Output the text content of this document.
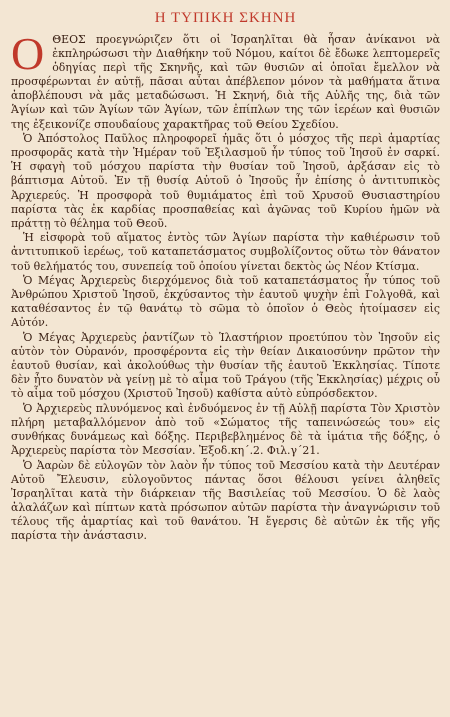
Η ΤΥΠΙΚΗ ΣΚΗΝΗ

ΟΘΕΟΣ προεγνώριζεν ὅτι οἱ Ἰσραηλῖται θὰ ἦσαν ἀνίκανοι νὰ ἐκπληρώσωσι τὴν Διαθήκην τοῦ Νόμου, καίτοι δὲ ἔδωκε λεπτομερεῖς ὁδηγίας περὶ τῆς Σκηνῆς, καὶ τῶν θυσιῶν αἱ ὁποῖαι ἔμελλον νὰ προσφέρωνται ἐν αὐτῇ, πᾶσαι αὗται ἀπέβλεπον μόνον τὰ μαθήματα ἅτινα ἀποβλέπουσι νὰ μᾶς μεταδώσωσι. Ἡ Σκηνή, διὰ τῆς Αὐλῆς της, διὰ τῶν Ἁγίων καὶ τῶν Ἁγίων τῶν Ἁγίων, τῶν ἐπίπλων της τῶν ἱερέων καὶ θυσιῶν της ἐξεικονίζε σπουδαίους χαρακτῆρας τοῦ Θείου Σχεδίου.

Ὁ Ἀπόστολος Παῦλος πληροφορεῖ ἡμᾶς ὅτι ὁ μόσχος τῆς περὶ ἁμαρτίας προσφορᾶς κατὰ τὴν Ἡμέραν τοῦ Ἐξιλασμοῦ ἦν τύπος τοῦ Ἰησοῦ ἐν σαρκί. Ἡ σφαγὴ τοῦ μόσχου παρίστα τὴν θυσίαν τοῦ Ἰησοῦ, ἀρξάσαν εἰς τὸ βάπτισμα Αὐτοῦ. Ἐν τῇ θυσίᾳ Αὐτοῦ ὁ Ἰησοῦς ἦν ἐπίσης ὁ ἀντιτυπικὸς Ἀρχιερεύς. Ἡ προσφορὰ τοῦ θυμιάματος ἐπὶ τοῦ Χρυσοῦ Θυσιαστηρίου παρίστα τὰς ἐκ καρδίας προσπαθείας καὶ ἀγῶνας τοῦ Κυρίου ἡμῶν νὰ πράττῃ τὸ θέλημα τοῦ Θεοῦ.

Ἡ εἰσφορὰ τοῦ αἵματος ἐντὸς τῶν Ἁγίων παρίστα τὴν καθιέρωσιν τοῦ ἀντιτυπικοῦ ἱερέως, τοῦ καταπετάσματος συμβολίζοντος οὕτω τὸν θάνατον τοῦ θελήματός του, συνεπείᾳ τοῦ ὁποίου γίνεται δεκτὸς ὡς Νέον Κτίσμα.

Ὁ Μέγας Ἀρχιερεὺς διερχόμενος διὰ τοῦ καταπετάσματος ἦν τύπος τοῦ Ἀνθρώπου Χριστοῦ Ἰησοῦ, ἐκχύσαντος τὴν ἑαυτοῦ ψυχὴν ἐπὶ Γολγοθᾶ, καὶ καταθέσαντος ἐν τῷ θανάτῳ τὸ σῶμα τὸ ὁποῖον ὁ Θεὸς ἡτοίμασεν εἰς Αὐτόν.

Ὁ Μέγας Ἀρχιερεὺς ῥαντίζων τὸ Ἱλαστήριον προετύπου τὸν Ἰησοῦν εἰς αὐτὸν τὸν Οὐρανόν, προσφέροντα εἰς τὴν θείαν Δικαιοσύνην πρῶτον τὴν ἑαυτοῦ θυσίαν, καὶ ἀκολούθως τὴν θυσίαν τῆς ἑαυτοῦ Ἐκκλησίας. Τίποτε δὲν ἦτο δυνατὸν νὰ γείνῃ μὲ τὸ αἷμα τοῦ Τράγου (τῆς Ἐκκλησίας) μέχρις οὗ τὸ αἷμα τοῦ μόσχου (Χριστοῦ Ἰησοῦ) καθίστα αὐτὸ εὐπρόσδεκτον.

Ὁ Ἀρχιερεὺς πλυνόμενος καὶ ἐνδυόμενος ἐν τῇ Αὐλῇ παρίστα Τὸν Χριστὸν πλήρη μεταβαλλόμενον ἀπὸ τοῦ «Σώματος τῆς ταπεινώσεώς του» εἰς συνθήκας δυνάμεως καὶ δόξης. Περιβεβλημένος δὲ τὰ ἱμάτια τῆς δόξης, ὁ Ἀρχιερεὺς παρίστα τὸν Μεσσίαν. Ἐξοδ.κη΄.2. Φιλ.γ΄21.

Ὁ Ἀαρὼν δὲ εὐλογῶν τὸν λαὸν ἦν τύπος τοῦ Μεσσίου κατὰ τὴν Δευτέραν Αὐτοῦ Ἔλευσιν, εὐλογοῦντος πάντας ὅσοι θέλουσι γείνει ἀληθεῖς Ἰσραηλῖται κατὰ τὴν διάρκειαν τῆς Βασιλείας τοῦ Μεσσίου. Ὁ δὲ λαὸς ἀλαλάζων καὶ πίπτων κατὰ πρόσωπον αὐτῶν παρίστα τὴν ἀναγνώρισιν τοῦ τέλους τῆς ἁμαρτίας καὶ τοῦ θανάτου. Ἡ ἔγερσις δὲ αὐτῶν ἐκ τῆς γῆς παρίστα τὴν ἀνάστασιν.
